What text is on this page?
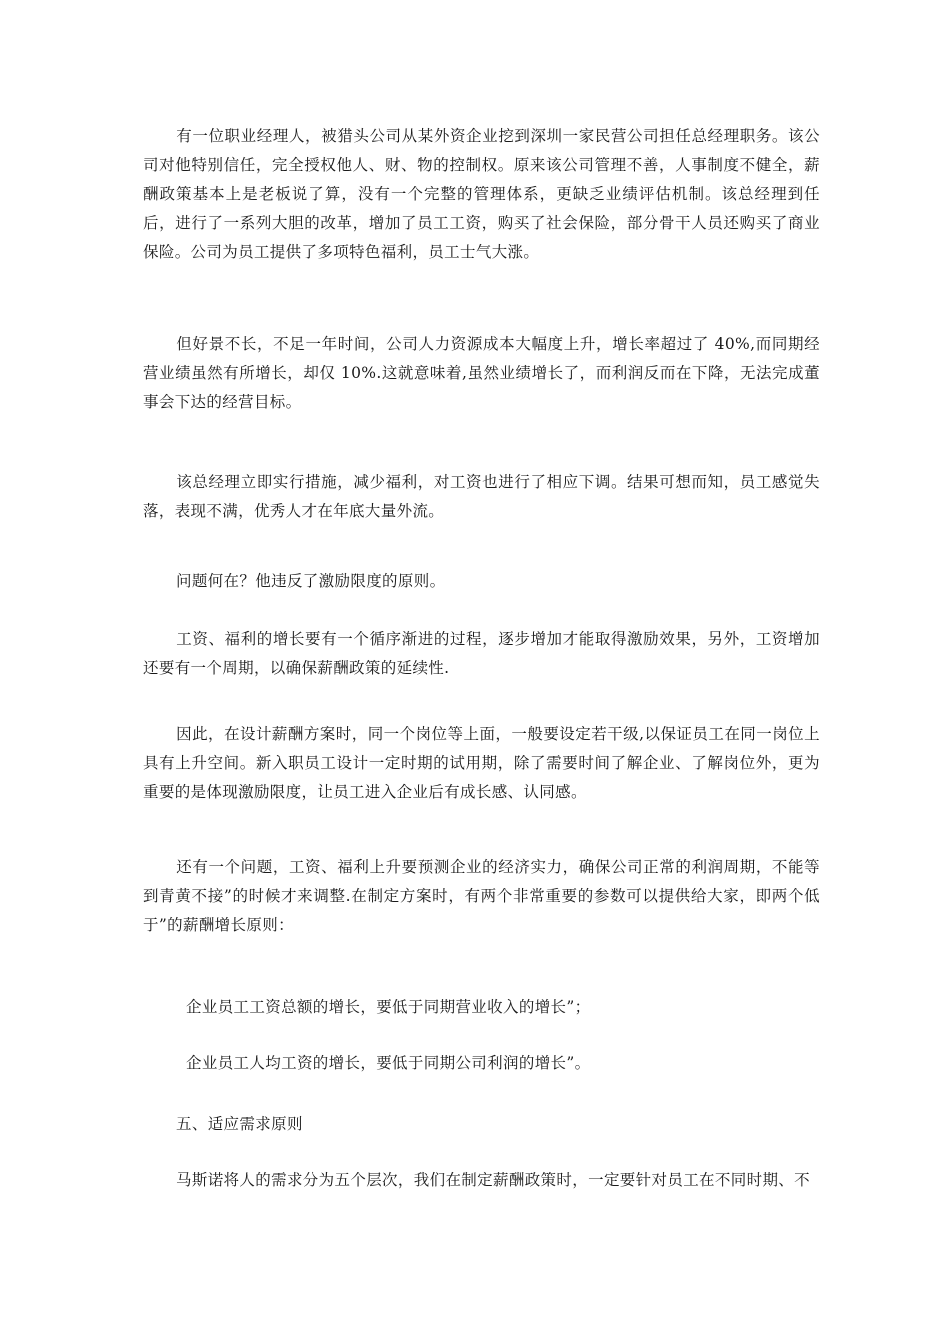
有一位职业经理人，被猎头公司从某外资企业挖到深圳一家民营公司担任总经理职务。该公司对他特别信任，完全授权他人、财、物的控制权。原来该公司管理不善，人事制度不健全，薪酬政策基本上是老板说了算，没有一个完整的管理体系，更缺乏业绩评估机制。该总经理到任后，进行了一系列大胆的改革，增加了员工工资，购买了社会保险，部分骨干人员还购买了商业保险。公司为员工提供了多项特色福利，员工士气大涨。

但好景不长，不足一年时间，公司人力资源成本大幅度上升，增长率超过了 40%,而同期经营业绩虽然有所增长，却仅 10%.这就意味着,虽然业绩增长了，而利润反而在下降，无法完成董事会下达的经营目标。

该总经理立即实行措施，减少福利，对工资也进行了相应下调。结果可想而知，员工感觉失落，表现不满，优秀人才在年底大量外流。

问题何在？他违反了激励限度的原则。

工资、福利的增长要有一个循序渐进的过程，逐步增加才能取得激励效果，另外，工资增加还要有一个周期，以确保薪酬政策的延续性.

因此，在设计薪酬方案时，同一个岗位等上面，一般要设定若干级,以保证员工在同一岗位上具有上升空间。新入职员工设计一定时期的试用期，除了需要时间了解企业、了解岗位外，更为重要的是体现激励限度，让员工进入企业后有成长感、认同感。

还有一个问题，工资、福利上升要预测企业的经济实力，确保公司正常的利润周期，不能等到青黄不接”的时候才来调整.在制定方案时，有两个非常重要的参数可以提供给大家，即两个低于”的薪酬增长原则：

企业员工工资总额的增长，要低于同期营业收入的增长”；

企业员工人均工资的增长，要低于同期公司利润的增长”。

五、适应需求原则

马斯诺将人的需求分为五个层次，我们在制定薪酬政策时，一定要针对员工在不同时期、不
